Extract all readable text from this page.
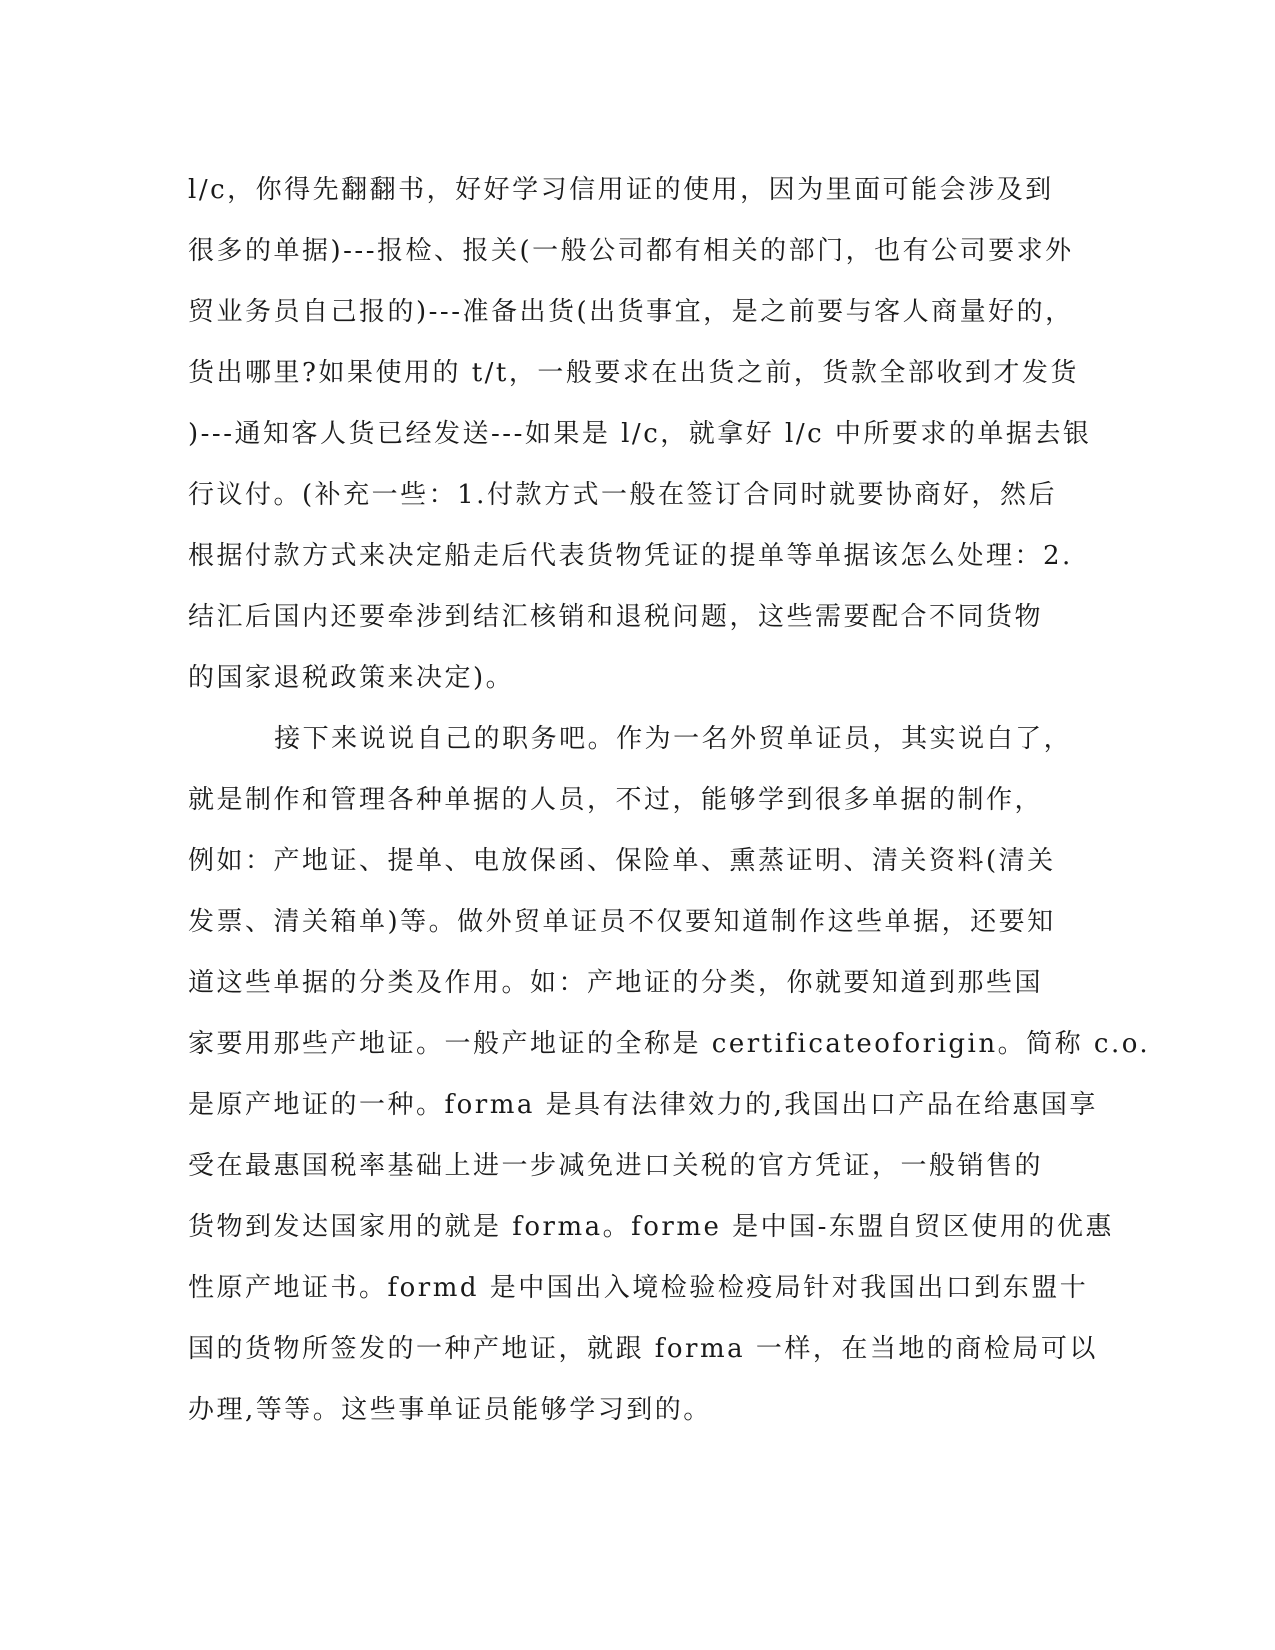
l/c，你得先翻翻书，好好学习信用证的使用，因为里面可能会涉及到
很多的单据)---报检、报关(一般公司都有相关的部门，也有公司要求外
贸业务员自己报的)---准备出货(出货事宜，是之前要与客人商量好的，
货出哪里?如果使用的 t/t，一般要求在出货之前，货款全部收到才发货
)---通知客人货已经发送---如果是 l/c，就拿好 l/c 中所要求的单据去银
行议付。(补充一些：1.付款方式一般在签订合同时就要协商好，然后
根据付款方式来决定船走后代表货物凭证的提单等单据该怎么处理：2.
结汇后国内还要牵涉到结汇核销和退税问题，这些需要配合不同货物
的国家退税政策来决定)。
接下来说说自己的职务吧。作为一名外贸单证员，其实说白了，
就是制作和管理各种单据的人员，不过，能够学到很多单据的制作，
例如：产地证、提单、电放保函、保险单、熏蒸证明、清关资料(清关
发票、清关箱单)等。做外贸单证员不仅要知道制作这些单据，还要知
道这些单据的分类及作用。如：产地证的分类，你就要知道到那些国
家要用那些产地证。一般产地证的全称是 certificateoforigin。简称 c.o.
是原产地证的一种。forma 是具有法律效力的,我国出口产品在给惠国享
受在最惠国税率基础上进一步减免进口关税的官方凭证，一般销售的
货物到发达国家用的就是 forma。forme 是中国-东盟自贸区使用的优惠
性原产地证书。formd 是中国出入境检验检疫局针对我国出口到东盟十
国的货物所签发的一种产地证，就跟 forma 一样，在当地的商检局可以
办理,等等。这些事单证员能够学习到的。
